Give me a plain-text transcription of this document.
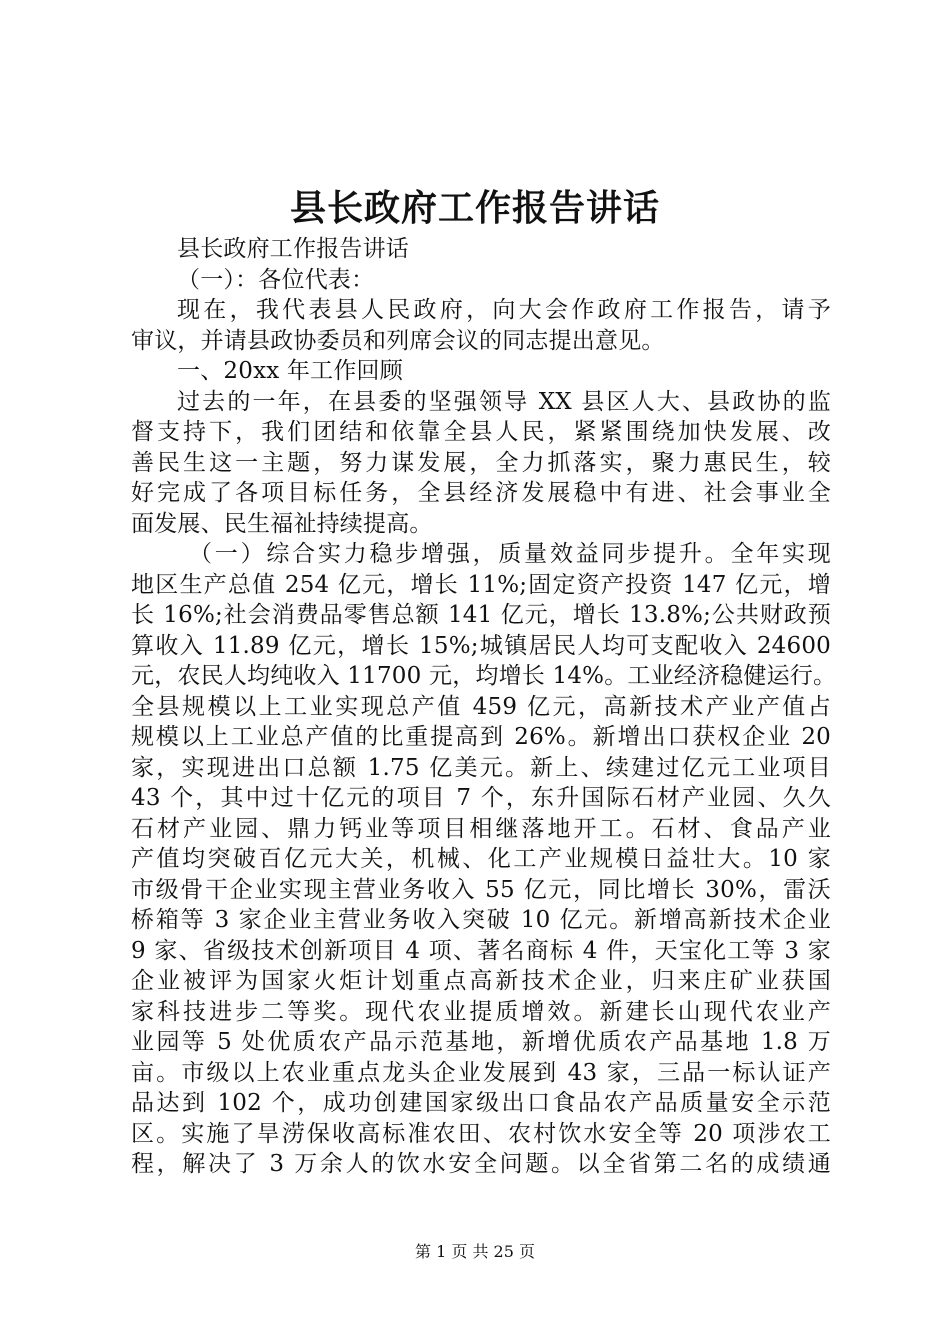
县长政府工作报告讲话
县长政府工作报告讲话
（一）：各位代表：
现在，我代表县人民政府，向大会作政府工作报告，请予
审议，并请县政协委员和列席会议的同志提出意见。
一、20xx 年工作回顾
过去的一年，在县委的坚强领导 XX 县区人大、县政协的监
督支持下，我们团结和依靠全县人民，紧紧围绕加快发展、改
善民生这一主题，努力谋发展，全力抓落实，聚力惠民生，较
好完成了各项目标任务，全县经济发展稳中有进、社会事业全
面发展、民生福祉持续提高。
（一）综合实力稳步增强，质量效益同步提升。全年实现
地区生产总值 254 亿元，增长 11%;固定资产投资 147 亿元，增
长 16%;社会消费品零售总额 141 亿元，增长 13.8%;公共财政预
算收入 11.89 亿元，增长 15%;城镇居民人均可支配收入 24600
元，农民人均纯收入 11700 元，均增长 14%。工业经济稳健运行。
全县规模以上工业实现总产值 459 亿元，高新技术产业产值占
规模以上工业总产值的比重提高到 26%。新增出口获权企业 20
家，实现进出口总额 1.75 亿美元。新上、续建过亿元工业项目
43 个，其中过十亿元的项目 7 个，东升国际石材产业园、久久
石材产业园、鼎力钙业等项目相继落地开工。石材、食品产业
产值均突破百亿元大关，机械、化工产业规模日益壮大。10 家
市级骨干企业实现主营业务收入 55 亿元，同比增长 30%，雷沃
桥箱等 3 家企业主营业务收入突破 10 亿元。新增高新技术企业
9 家、省级技术创新项目 4 项、著名商标 4 件，天宝化工等 3 家
企业被评为国家火炬计划重点高新技术企业，归来庄矿业获国
家科技进步二等奖。现代农业提质增效。新建长山现代农业产
业园等 5 处优质农产品示范基地，新增优质农产品基地 1.8 万
亩。市级以上农业重点龙头企业发展到 43 家，三品一标认证产
品达到 102 个，成功创建国家级出口食品农产品质量安全示范
区。实施了旱涝保收高标准农田、农村饮水安全等 20 项涉农工
程，解决了 3 万余人的饮水安全问题。以全省第二名的成绩通
第 1 页 共 25 页
